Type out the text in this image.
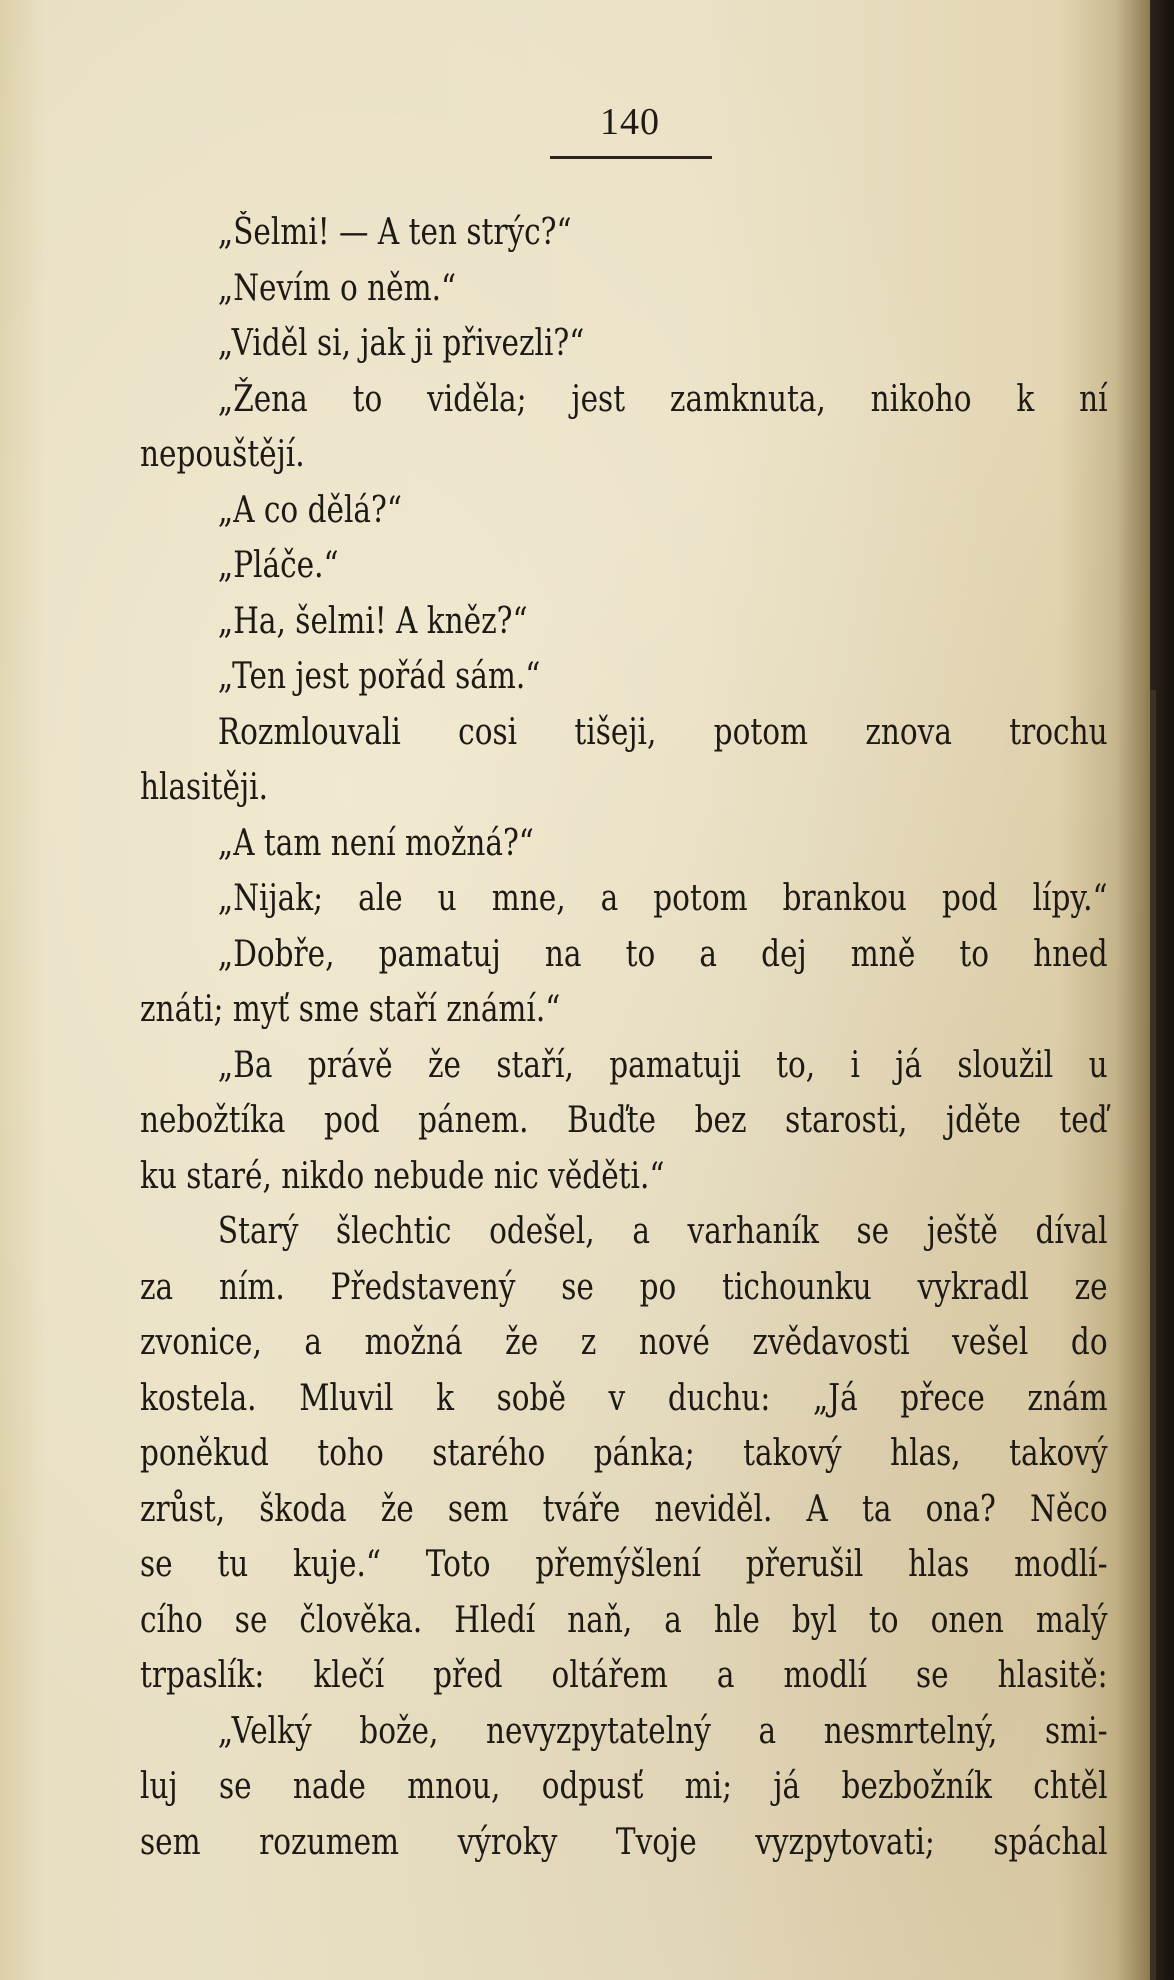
140
„Šelmi! — A ten strýc?“
„Nevím o něm.“
„Viděl si, jak ji přivezli?“
„Žena to viděla; jest zamknuta, nikoho k ní
nepouštějí.
„A co dělá?“
„Pláče.“
„Ha, šelmi! A kněz?“
„Ten jest pořád sám.“
Rozmlouvali cosi tišeji, potom znova trochu
hlasitěji.
„A tam není možná?“
„Nijak; ale u mne, a potom brankou pod lípy.“
„Dobře, pamatuj na to a dej mně to hned
znáti; myť sme staří známí.“
„Ba právě že staří, pamatuji to, i já sloužil u
nebožtíka pod pánem. Buďte bez starosti, jděte teď
ku staré, nikdo nebude nic věděti.“
Starý šlechtic odešel, a varhaník se ještě díval
za ním. Představený se po tichounku vykradl ze
zvonice, a možná že z nové zvědavosti vešel do
kostela. Mluvil k sobě v duchu: „Já přece znám
poněkud toho starého pánka; takový hlas, takový
zrůst, škoda že sem tváře neviděl. A ta ona? Něco
se tu kuje.“ Toto přemýšlení přerušil hlas modlí-
cího se člověka. Hledí naň, a hle byl to onen malý
trpaslík: klečí před oltářem a modlí se hlasitě:
„Velký bože, nevyzpytatelný a nesmrtelný, smi-
luj se nade mnou, odpusť mi; já bezbožník chtěl
sem rozumem výroky Tvoje vyzpytovati; spáchal
